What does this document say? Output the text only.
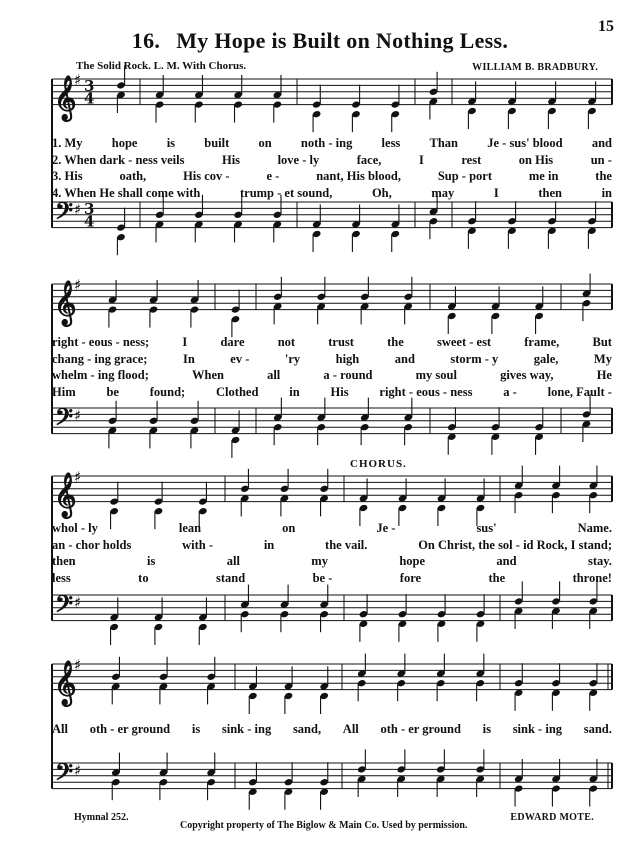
15
16. My Hope is Built on Nothing Less.
The Solid Rock. L. M. With Chorus.	WILLIAM B. BRADBURY.
CHORUS.
𝄞
♯ 3
4
𝄢 ♯ 3
4
𝄞
♯
𝄢 ♯
𝄞
♯
𝄢 ♯
𝄞
♯
𝄢 ♯
1. My hope is built on noth - ing less Than Je - sus' blood and
2. When dark - ness veils	His	love - ly	face,	I	rest	on His	un -
3. His	oath,	His cov -	e -	nant, His blood,	Sup - port	me in	the
4. When He shall come with	trump - et sound,	Oh,	may	I	then	in
right - eous - ness;	I	dare	not	trust	the	sweet - est	frame,	But
chang - ing grace;	In	ev -	'ry	high	and	storm - y	gale,	My
whelm - ing flood;	When	all	a - round	my soul	gives way,	He
Him be found; Clothed in His right - eous - ness a - lone, Fault -
whol - ly	lean	on	Je -	sus'	Name.
an - chor holds	with -	in	the vail.	On Christ, the sol - id Rock, I stand;
then	is	all	my	hope	and	stay.
less	to	stand	be -	fore	the	throne!
All oth - er ground is sink - ing sand, All oth - er ground is sink - ing sand.
Hymnal 252.
Copyright property of The Biglow & Main Co. Used by permission.
EDWARD MOTE.
